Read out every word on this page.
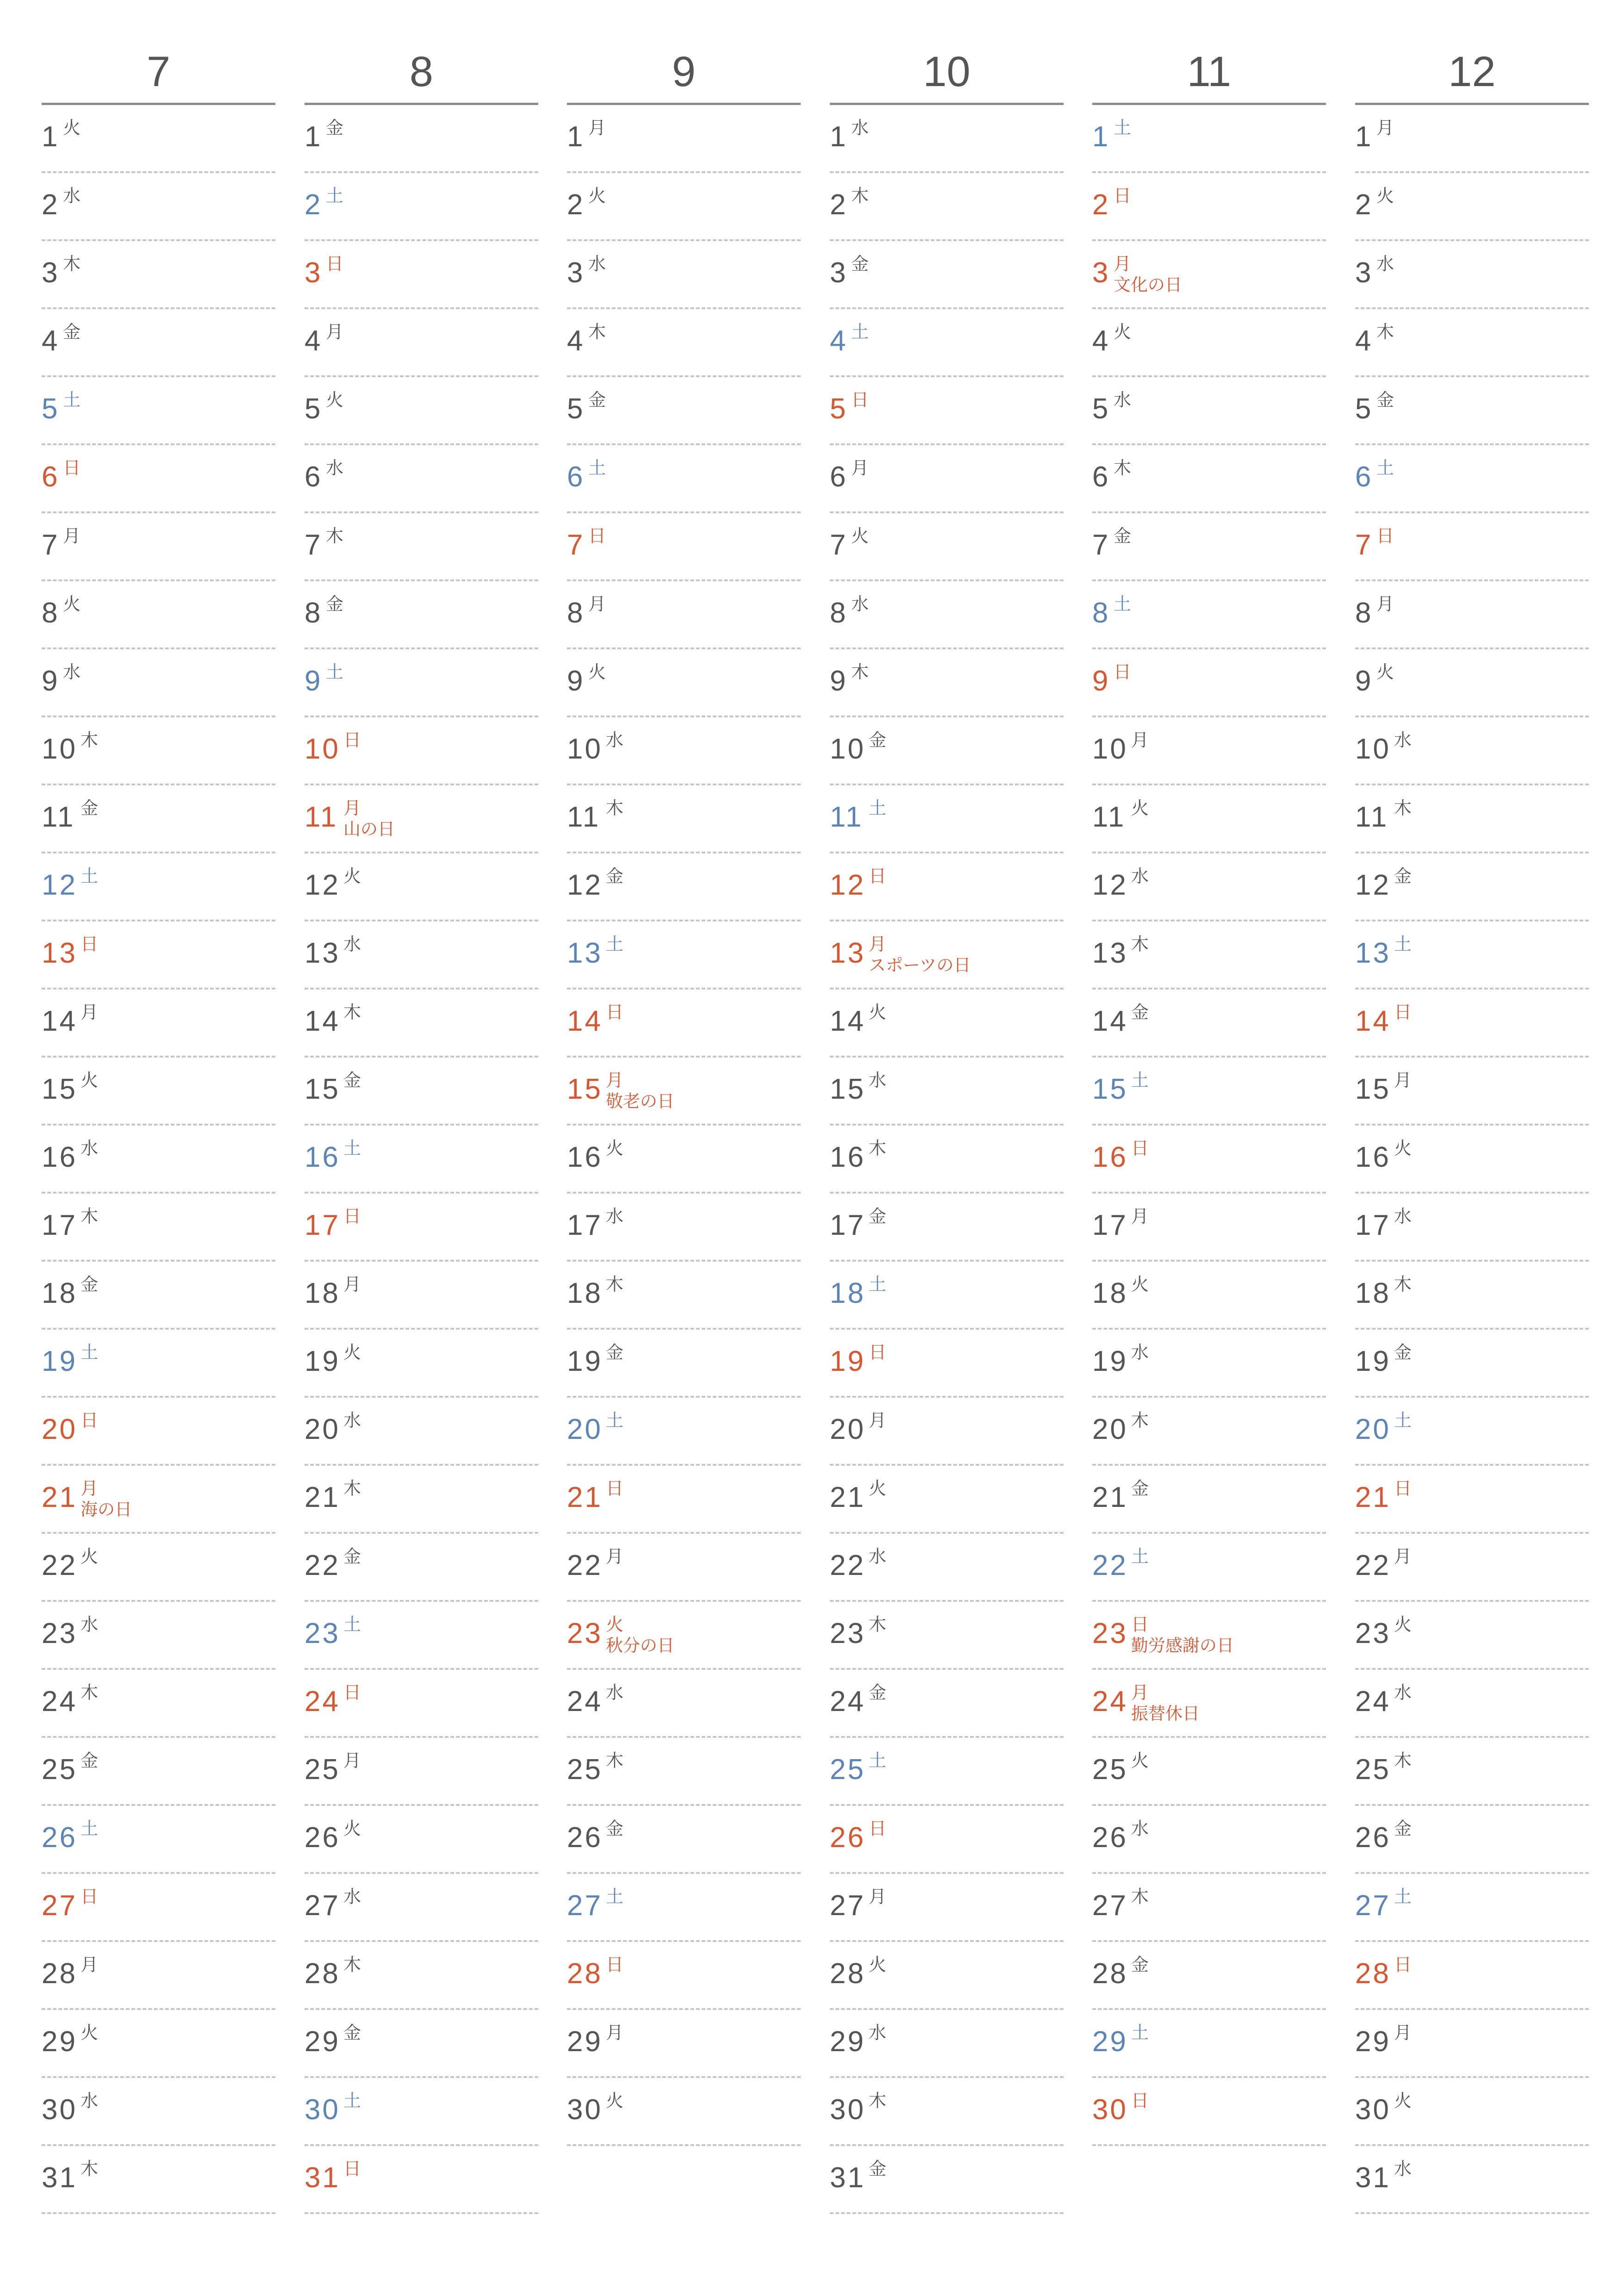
7
1 火
2 水
3 木
4 金
5 土
6 日
7 月
8 火
9 水
10 木
11 金
12 土
13 日
14 月
15 火
16 水
17 木
18 金
19 土
20 日
21 月
海の日
22 火
23 水
24 木
25 金
26 土
27 日
28 月
29 火
30 水
31 木
8
1 金
2 土
3 日
4 月
5 火
6 水
7 木
8 金
9 土
10 日
11 月
山の日
12 火
13 水
14 木
15 金
16 土
17 日
18 月
19 火
20 水
21 木
22 金
23 土
24 日
25 月
26 火
27 水
28 木
29 金
30 土
31 日
9
1 月
2 火
3 水
4 木
5 金
6 土
7 日
8 月
9 火
10 水
11 木
12 金
13 土
14 日
15 月
敬老の日
16 火
17 水
18 木
19 金
20 土
21 日
22 月
23 火
秋分の日
24 水
25 木
26 金
27 土
28 日
29 月
30 火
10
1 水
2 木
3 金
4 土
5 日
6 月
7 火
8 水
9 木
10 金
11 土
12 日
13 月
スポーツの日
14 火
15 水
16 木
17 金
18 土
19 日
20 月
21 火
22 水
23 木
24 金
25 土
26 日
27 月
28 火
29 水
30 木
31 金
11
1 土
2 日
3 月
文化の日
4 火
5 水
6 木
7 金
8 土
9 日
10 月
11 火
12 水
13 木
14 金
15 土
16 日
17 月
18 火
19 水
20 木
21 金
22 土
23 日
勤労感謝の日
24 月
振替休日
25 火
26 水
27 木
28 金
29 土
30 日
12
1 月
2 火
3 水
4 木
5 金
6 土
7 日
8 月
9 火
10 水
11 木
12 金
13 土
14 日
15 月
16 火
17 水
18 木
19 金
20 土
21 日
22 月
23 火
24 水
25 木
26 金
27 土
28 日
29 月
30 火
31 水
